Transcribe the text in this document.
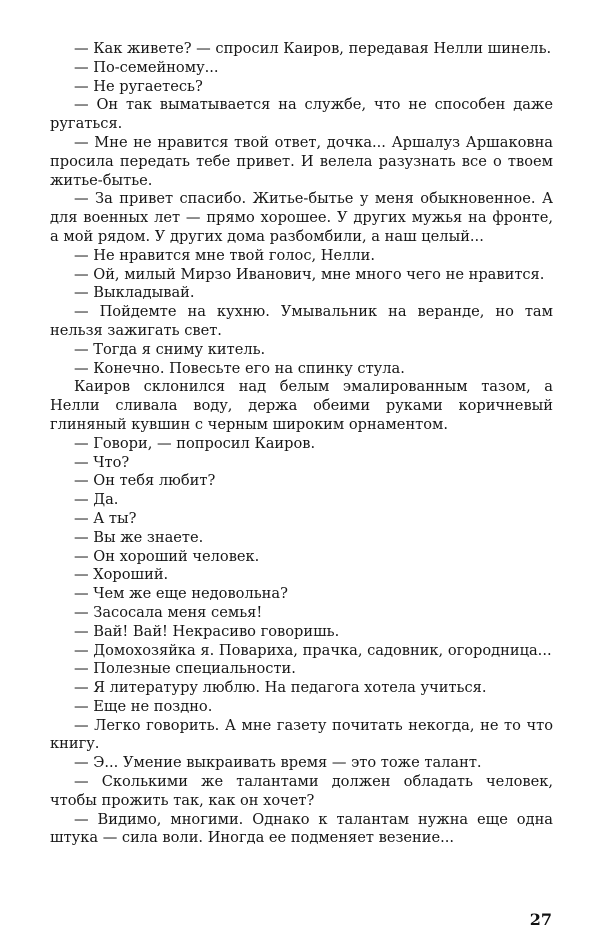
— Как живете? — спросил Каиров, передавая Нелли шинель.

— По-семейному...

— Не ругаетесь?

— Он так выматывается на службе, что не способен даже ругаться.

— Мне не нравится твой ответ, дочка... Аршалуз Аршаковна просила передать тебе привет. И велела разузнать все о твоем житье-бытье.

— За привет спасибо. Житье-бытье у меня обыкновенное. А для военных лет — прямо хорошее. У других мужья на фронте, а мой рядом. У других дома разбомбили, а наш целый...

— Не нравится мне твой голос, Нелли.

— Ой, милый Мирзо Иванович, мне много чего не нравится.

— Выкладывай.

— Пойдемте на кухню. Умывальник на веранде, но там нельзя зажигать свет.

— Тогда я сниму китель.

— Конечно. Повесьте его на спинку стула.

Каиров склонился над белым эмалированным тазом, а Нелли сливала воду, держа обеими руками коричневый глиняный кувшин с черным широким орнаментом.

— Говори, — попросил Каиров.

— Что?

— Он тебя любит?

— Да.

— А ты?

— Вы же знаете.

— Он хороший человек.

— Хороший.

— Чем же еще недовольна?

— Засосала меня семья!

— Вай! Вай! Некрасиво говоришь.

— Домохозяйка я. Повариха, прачка, садовник, огородница...

— Полезные специальности.

— Я литературу люблю. На педагога хотела учиться.

— Еще не поздно.

— Легко говорить. А мне газету почитать некогда, не то что книгу.

— Э... Умение выкраивать время — это тоже талант.

— Сколькими же талантами должен обладать человек, чтобы прожить так, как он хочет?

— Видимо, многими. Однако к талантам нужна еще одна штука — сила воли. Иногда ее подменяет везение...

27
